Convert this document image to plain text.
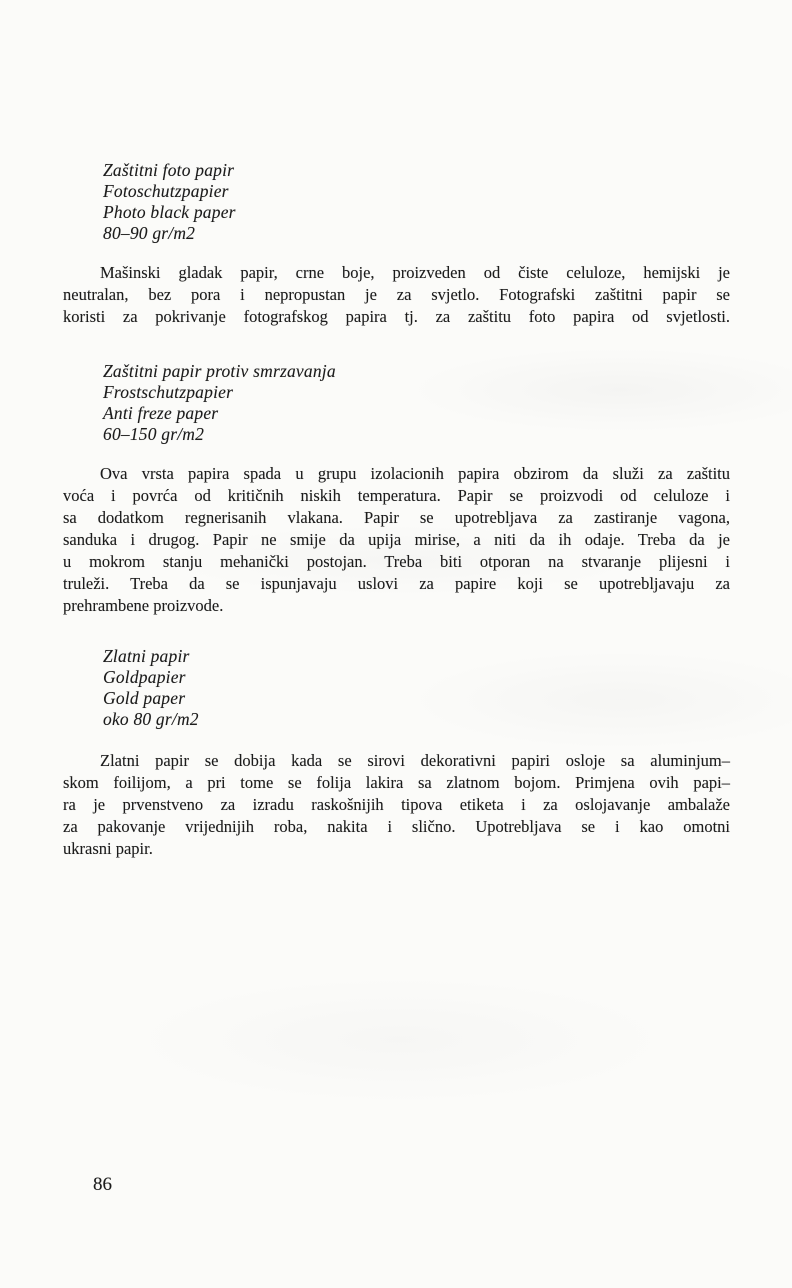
Zaštitni foto papir
Fotoschutzpapier
Photo black paper
80–90 gr/m2
Mašinski gladak papir, crne boje, proizveden od čiste celuloze, hemijski je
neutralan, bez pora i nepropustan je za svjetlo. Fotografski zaštitni papir se
koristi za pokrivanje fotografskog papira tj. za zaštitu foto papira od svjetlosti.
Zaštitni papir protiv smrzavanja
Frostschutzpapier
Anti freze paper
60–150 gr/m2
Ova vrsta papira spada u grupu izolacionih papira obzirom da služi za zaštitu
voća i povrća od kritičnih niskih temperatura. Papir se proizvodi od celuloze i
sa dodatkom regnerisanih vlakana. Papir se upotrebljava za zastiranje vagona,
sanduka i drugog. Papir ne smije da upija mirise, a niti da ih odaje. Treba da je
u mokrom stanju mehanički postojan. Treba biti otporan na stvaranje plijesni i
truleži. Treba da se ispunjavaju uslovi za papire koji se upotrebljavaju za
prehrambene proizvode.
Zlatni papir
Goldpapier
Gold paper
oko 80 gr/m2
Zlatni papir se dobija kada se sirovi dekorativni papiri osloje sa aluminjum–
skom foilijom, a pri tome se folija lakira sa zlatnom bojom. Primjena ovih papi–
ra je prvenstveno za izradu raskošnijih tipova etiketa i za oslojavanje ambalaže
za pakovanje vrijednijih roba, nakita i slično. Upotrebljava se i kao omotni
ukrasni papir.
86
